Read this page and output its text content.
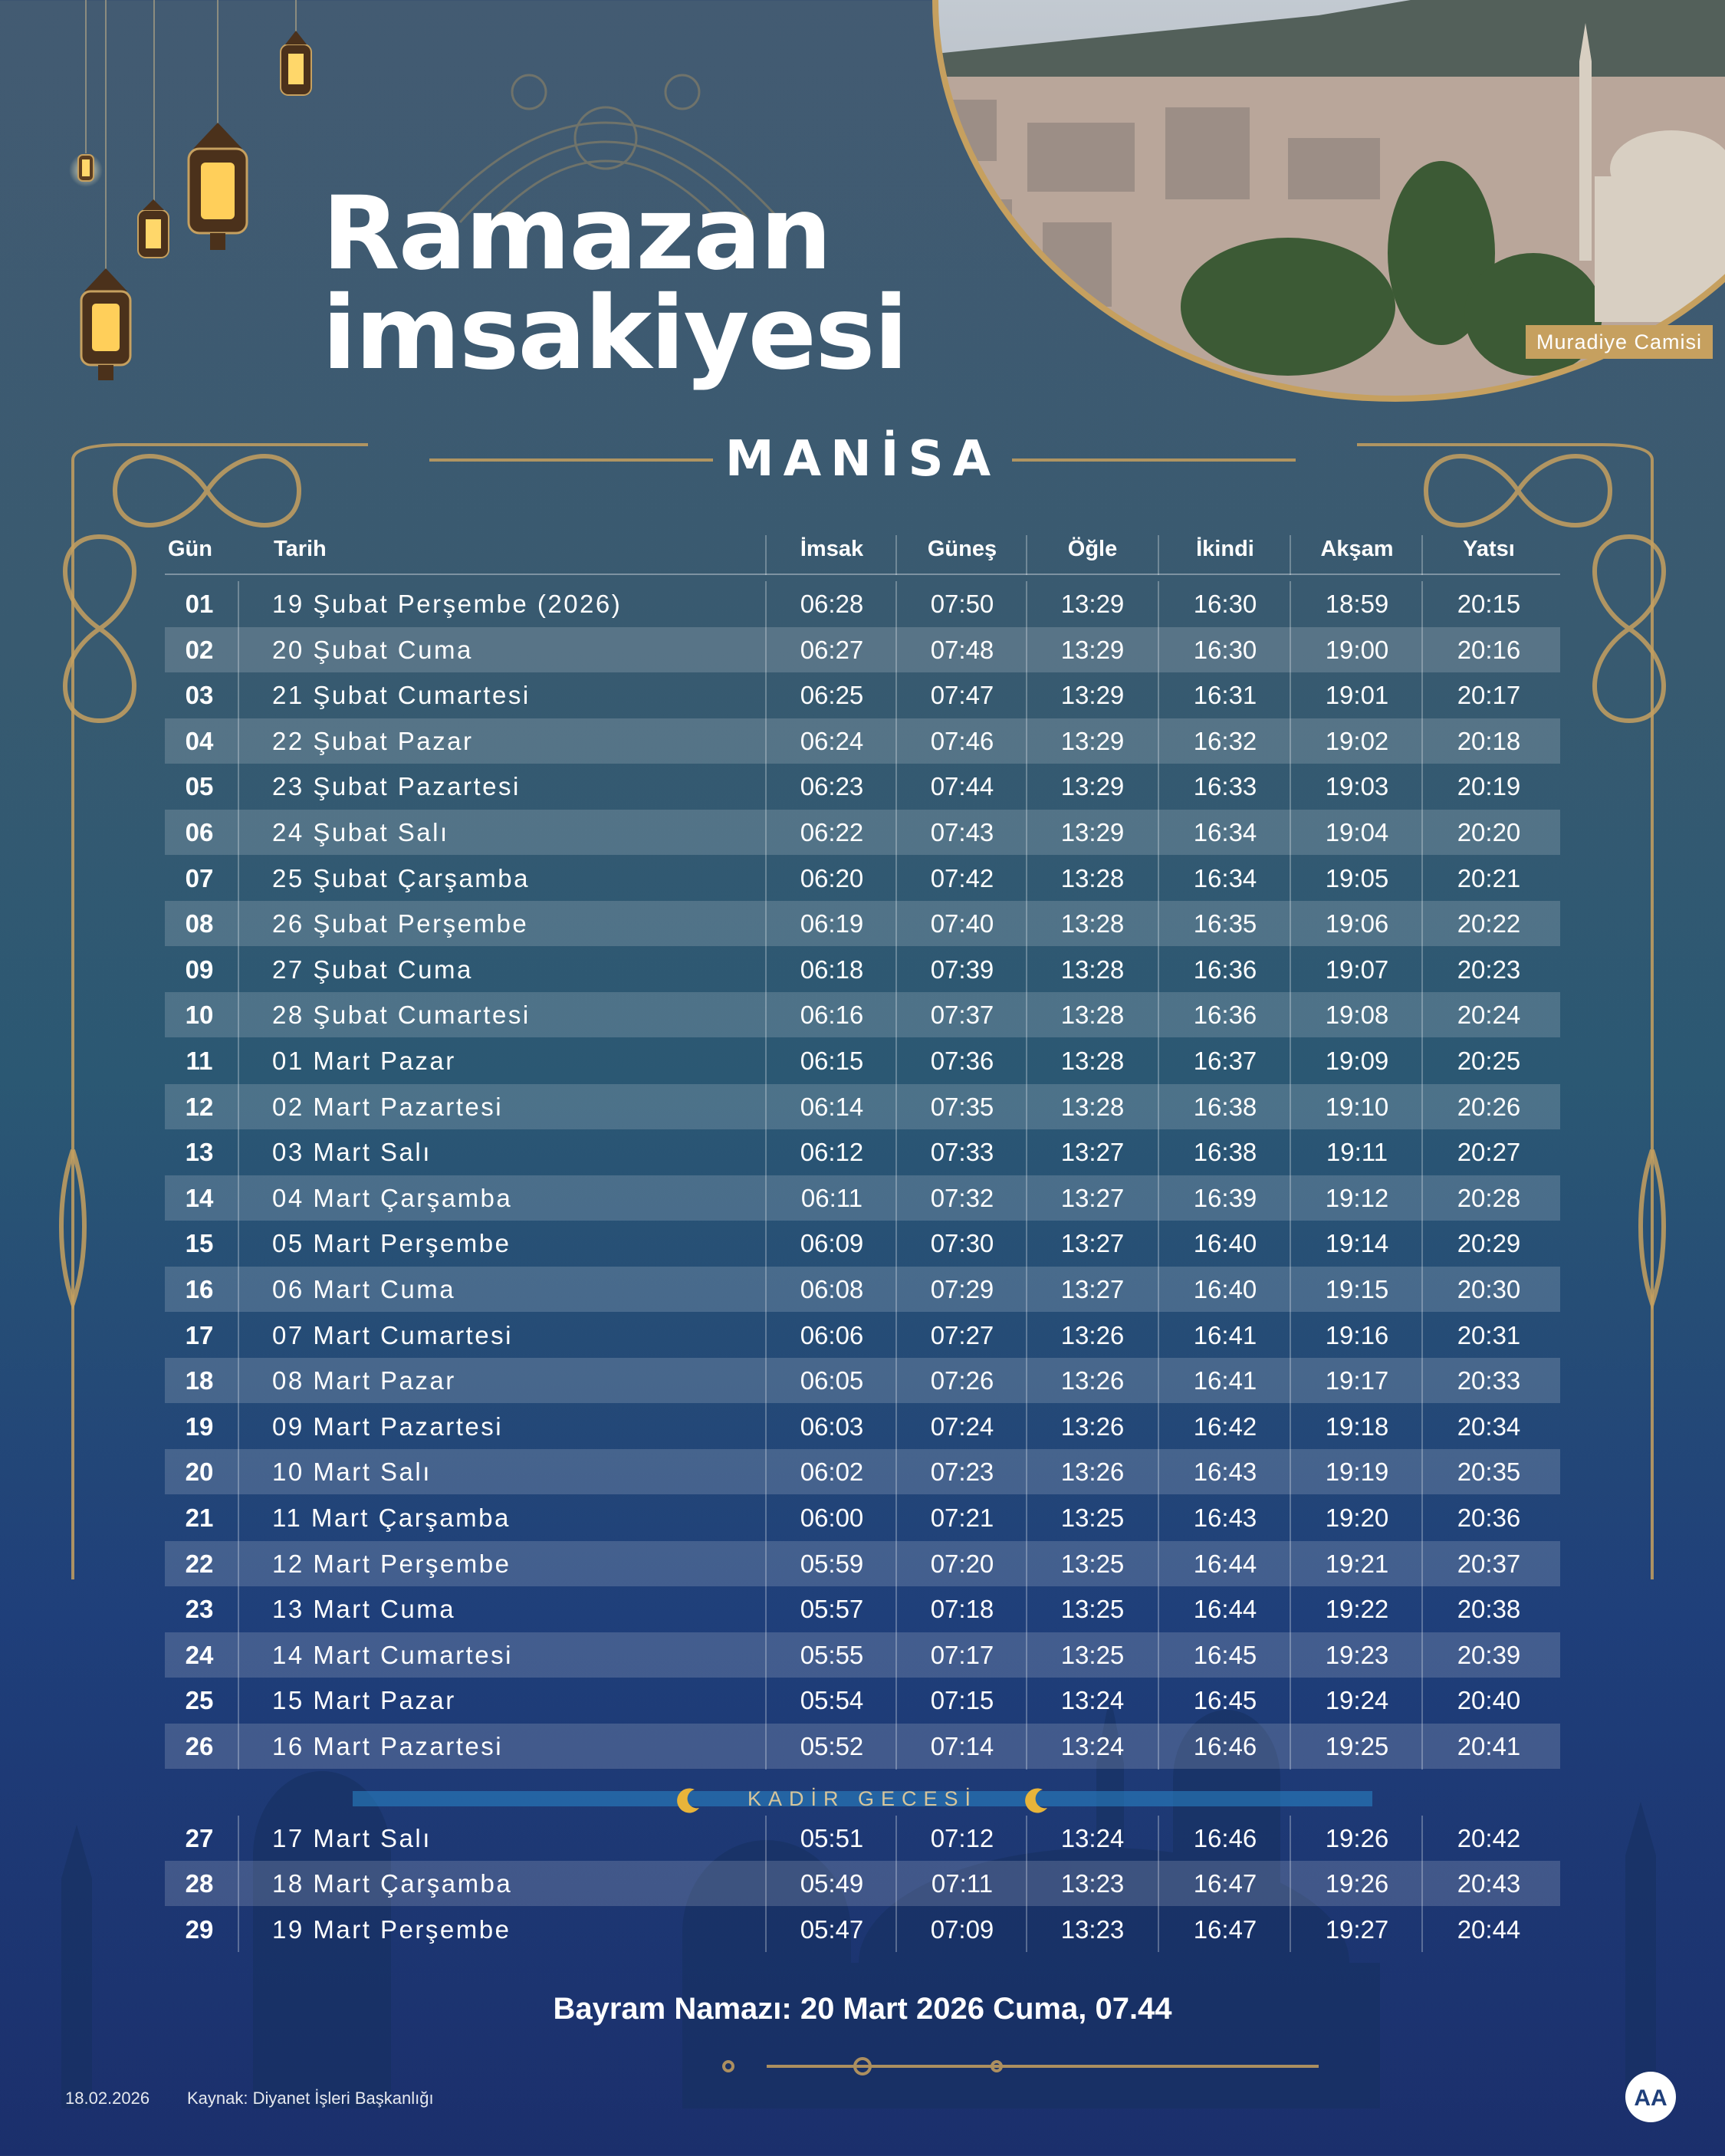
Ramazan
imsakiyesi	Muradiye Camisi
MANİSA
Gün	Tarih	İmsak	Güneş	Öğle	İkindi	Akşam	Yatsı
01	19 Şubat Perşembe (2026)	06:28	07:50	13:29	16:30	18:59	20:15
02	20 Şubat Cuma	06:27	07:48	13:29	16:30	19:00	20:16
03	21 Şubat Cumartesi	06:25	07:47	13:29	16:31	19:01	20:17
04	22 Şubat Pazar	06:24	07:46	13:29	16:32	19:02	20:18
05	23 Şubat Pazartesi	06:23	07:44	13:29	16:33	19:03	20:19
06	24 Şubat Salı	06:22	07:43	13:29	16:34	19:04	20:20
07	25 Şubat Çarşamba	06:20	07:42	13:28	16:34	19:05	20:21
08	26 Şubat Perşembe	06:19	07:40	13:28	16:35	19:06	20:22
09	27 Şubat Cuma	06:18	07:39	13:28	16:36	19:07	20:23
10	28 Şubat Cumartesi	06:16	07:37	13:28	16:36	19:08	20:24
11	01 Mart Pazar	06:15	07:36	13:28	16:37	19:09	20:25
12	02 Mart Pazartesi	06:14	07:35	13:28	16:38	19:10	20:26
13	03 Mart Salı	06:12	07:33	13:27	16:38	19:11	20:27
14	04 Mart Çarşamba	06:11	07:32	13:27	16:39	19:12	20:28
15	05 Mart Perşembe	06:09	07:30	13:27	16:40	19:14	20:29
16	06 Mart Cuma	06:08	07:29	13:27	16:40	19:15	20:30
17	07 Mart Cumartesi	06:06	07:27	13:26	16:41	19:16	20:31
18	08 Mart Pazar	06:05	07:26	13:26	16:41	19:17	20:33
19	09 Mart Pazartesi	06:03	07:24	13:26	16:42	19:18	20:34
20	10 Mart Salı	06:02	07:23	13:26	16:43	19:19	20:35
21	11 Mart Çarşamba	06:00	07:21	13:25	16:43	19:20	20:36
22	12 Mart Perşembe	05:59	07:20	13:25	16:44	19:21	20:37
23	13 Mart Cuma	05:57	07:18	13:25	16:44	19:22	20:38
24	14 Mart Cumartesi	05:55	07:17	13:25	16:45	19:23	20:39
25	15 Mart Pazar	05:54	07:15	13:24	16:45	19:24	20:40
26	16 Mart Pazartesi	05:52	07:14	13:24	16:46	19:25	20:41
27	17 Mart Salı	05:51	07:12	13:24	16:46	19:26	20:42
28	18 Mart Çarşamba	05:49	07:11	13:23	16:47	19:26	20:43
29	19 Mart Perşembe	05:47	07:09	13:23	16:47	19:27	20:44
KADİR GECESİ
Bayram Namazı: 20 Mart 2026 Cuma, 07.44
18.02.2026 Kaynak: Diyanet İşleri Başkanlığı	AA
